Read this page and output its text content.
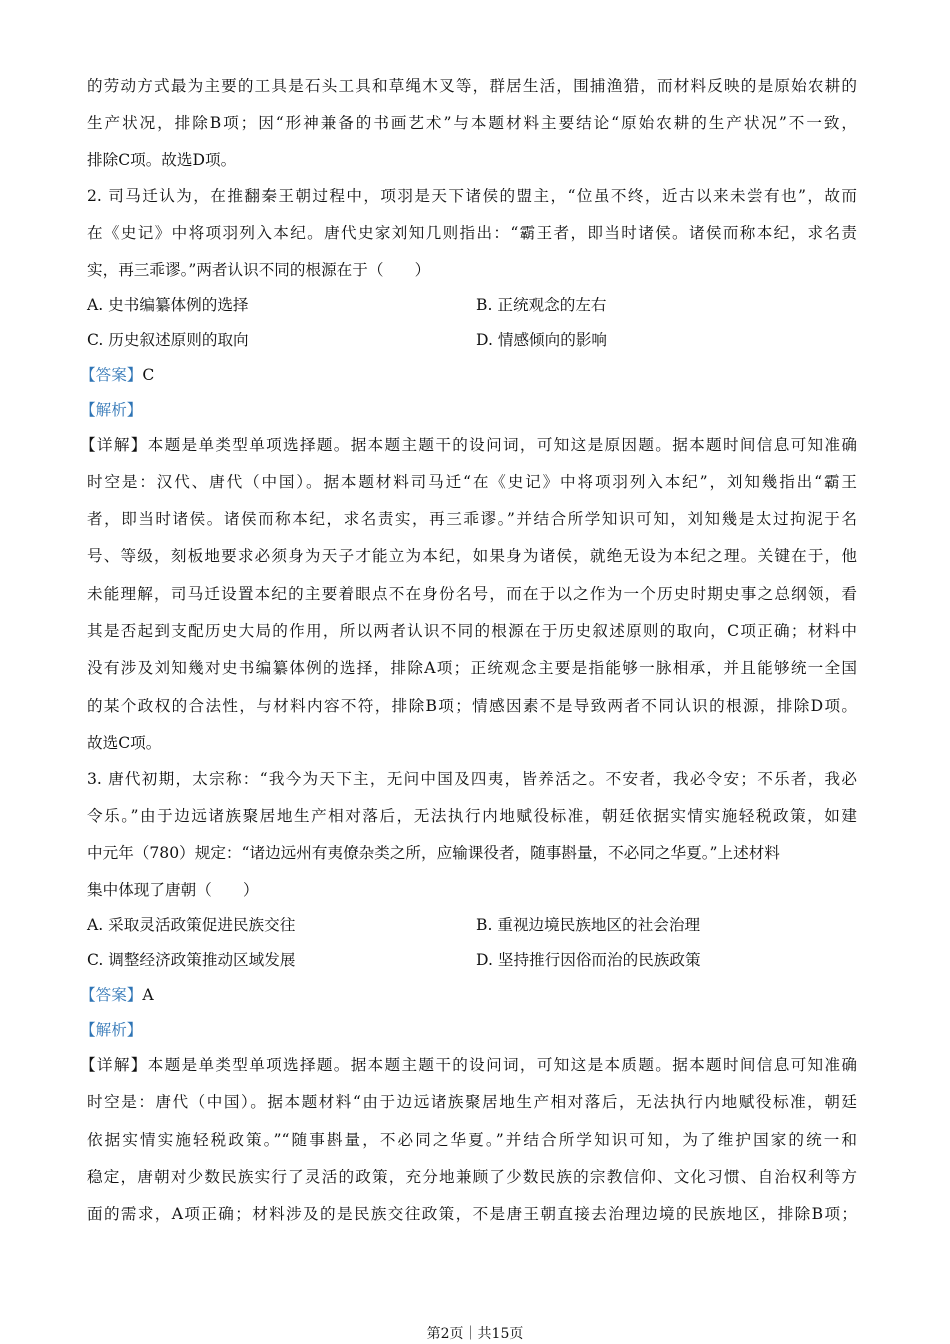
的劳动方式最为主要的工具是石头工具和草绳木叉等，群居生活，围捕渔猎，而材料反映的是原始农耕的
生产状况，排除B项；因“形神兼备的书画艺术”与本题材料主要结论“原始农耕的生产状况”不一致，
排除C项。故选D项。
2. 司马迁认为，在推翻秦王朝过程中，项羽是天下诸侯的盟主，“位虽不终，近古以来未尝有也”，故而
在《史记》中将项羽列入本纪。唐代史家刘知几则指出：“霸王者，即当时诸侯。诸侯而称本纪，求名责
实，再三乖谬。”两者认识不同的根源在于（　　）
A. 史书编纂体例的选择	B. 正统观念的左右
C. 历史叙述原则的取向	D. 情感倾向的影响
【答案】C
【解析】
【详解】本题是单类型单项选择题。据本题主题干的设问词，可知这是原因题。据本题时间信息可知准确
时空是：汉代、唐代（中国）。据本题材料司马迁“在《史记》中将项羽列入本纪”，刘知幾指出“霸王
者，即当时诸侯。诸侯而称本纪，求名责实，再三乖谬。”并结合所学知识可知，刘知幾是太过拘泥于名
号、等级，刻板地要求必须身为天子才能立为本纪，如果身为诸侯，就绝无设为本纪之理。关键在于，他
未能理解，司马迁设置本纪的主要着眼点不在身份名号，而在于以之作为一个历史时期史事之总纲领，看
其是否起到支配历史大局的作用，所以两者认识不同的根源在于历史叙述原则的取向，C项正确；材料中
没有涉及刘知幾对史书编纂体例的选择，排除A项；正统观念主要是指能够一脉相承，并且能够统一全国
的某个政权的合法性，与材料内容不符，排除B项；情感因素不是导致两者不同认识的根源，排除D项。
故选C项。
3. 唐代初期，太宗称：“我今为天下主，无问中国及四夷，皆养活之。不安者，我必令安；不乐者，我必
令乐。”由于边远诸族聚居地生产相对落后，无法执行内地赋役标准，朝廷依据实情实施轻税政策，如建
中元年（780）规定：“诸边远州有夷僚杂类之所，应输课役者，随事斟量，不必同之华夏。”上述材料
集中体现了唐朝（　　）
A. 采取灵活政策促进民族交往	B. 重视边境民族地区的社会治理
C. 调整经济政策推动区域发展	D. 坚持推行因俗而治的民族政策
【答案】A
【解析】
【详解】本题是单类型单项选择题。据本题主题干的设问词，可知这是本质题。据本题时间信息可知准确
时空是：唐代（中国）。据本题材料“由于边远诸族聚居地生产相对落后，无法执行内地赋役标准，朝廷
依据实情实施轻税政策。”“随事斟量，不必同之华夏。”并结合所学知识可知，为了维护国家的统一和
稳定，唐朝对少数民族实行了灵活的政策，充分地兼顾了少数民族的宗教信仰、文化习惯、自治权利等方
面的需求，A项正确；材料涉及的是民族交往政策，不是唐王朝直接去治理边境的民族地区，排除B项；
第2页｜共15页
